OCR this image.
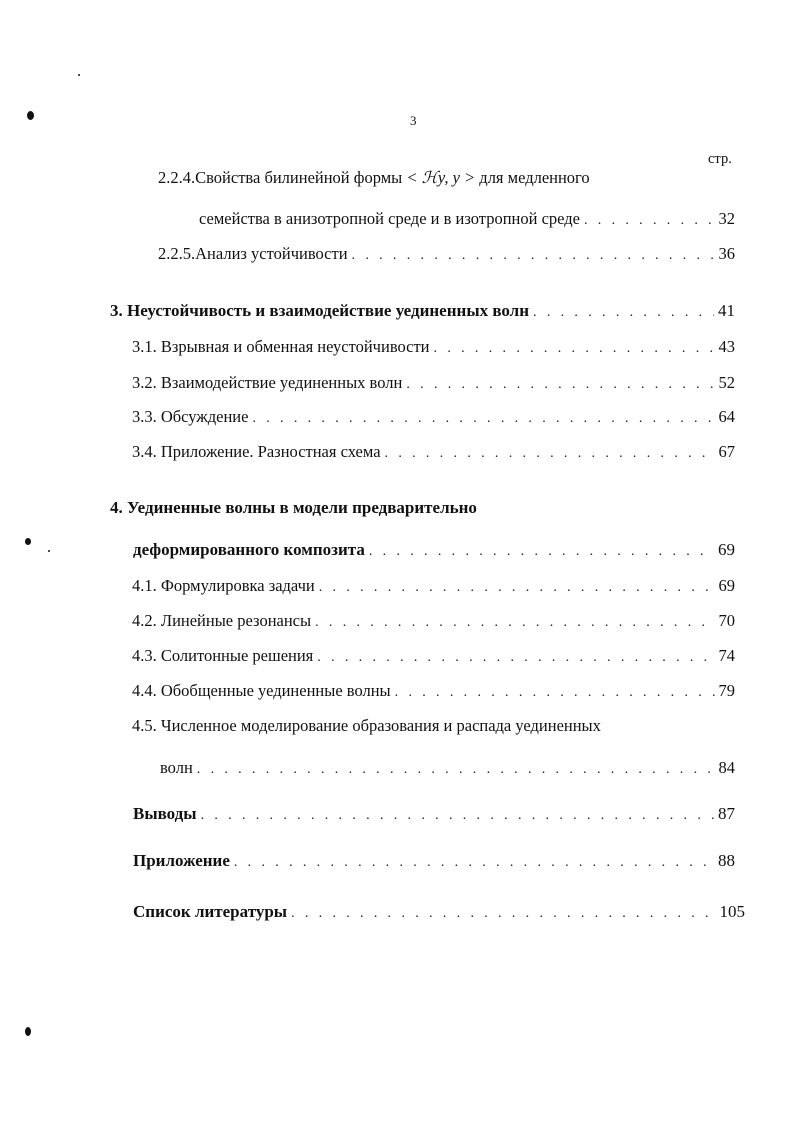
3
стр.
2.2.4.Свойства билинейной формы < ℋy, y > для медленного
семейства в анизотропной среде и в изотропной среде . . .	32
2.2.5.Анализ устойчивости . . .	36
3. Неустойчивость и взаимодействие уединенных волн . . .	41
3.1. Взрывная и обменная неустойчивости . . .	43
3.2. Взаимодействие уединенных волн . . .	52
3.3. Обсуждение . . .	64
3.4. Приложение. Разностная схема . . .	67
4. Уединенные волны в модели предварительно
деформированного композита . . .	69
4.1. Формулировка задачи . . .	69
4.2. Линейные резонансы . . .	70
4.3. Солитонные решения . . .	74
4.4. Обобщенные уединенные волны . . .	79
4.5. Численное моделирование образования и распада уединенных
волн . . .	84
Выводы . . .	87
Приложение . . .	88
Список литературы . . .	105
